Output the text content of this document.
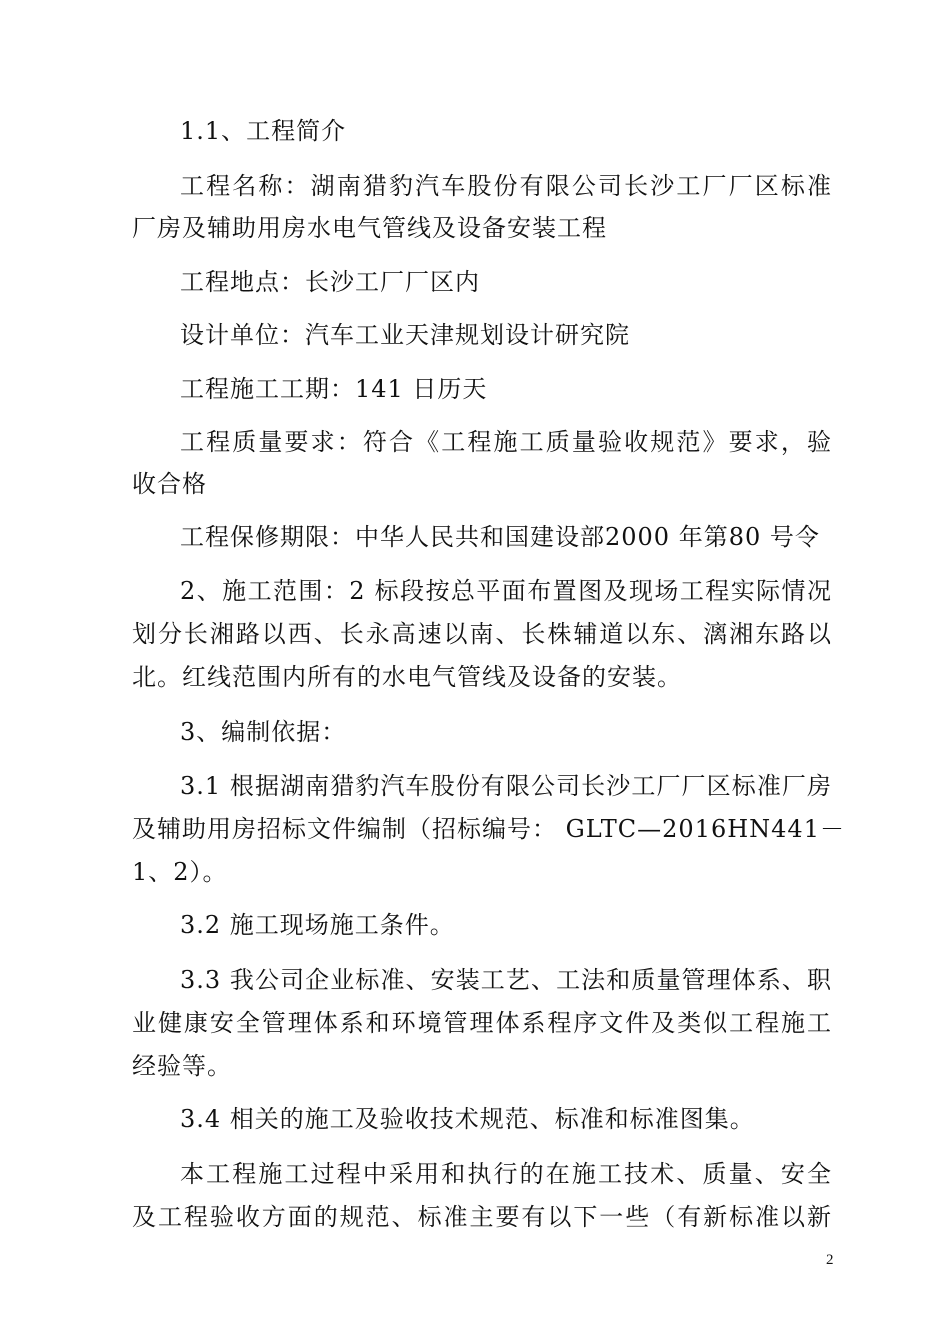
1.1、工程简介
工程名称：湖南猎豹汽车股份有限公司长沙工厂厂区标准
厂房及辅助用房水电气管线及设备安装工程
工程地点：长沙工厂厂区内
设计单位：汽车工业天津规划设计研究院
工程施工工期：141 日历天
工程质量要求：符合《工程施工质量验收规范》要求，验
收合格
工程保修期限：中华人民共和国建设部2000 年第80 号令
2、施工范围：2 标段按总平面布置图及现场工程实际情况
划分长湘路以西、长永高速以南、长株辅道以东、漓湘东路以
北。红线范围内所有的水电气管线及设备的安装。
3、编制依据：
3.1 根据湖南猎豹汽车股份有限公司长沙工厂厂区标准厂房
及辅助用房招标文件编制（招标编号： GLTC—2016HN441－
1、2）。
3.2 施工现场施工条件。
3.3 我公司企业标准、安装工艺、工法和质量管理体系、职
业健康安全管理体系和环境管理体系程序文件及类似工程施工
经验等。
3.4 相关的施工及验收技术规范、标准和标准图集。
本工程施工过程中采用和执行的在施工技术、质量、安全
及工程验收方面的规范、标准主要有以下一些（有新标准以新
2
